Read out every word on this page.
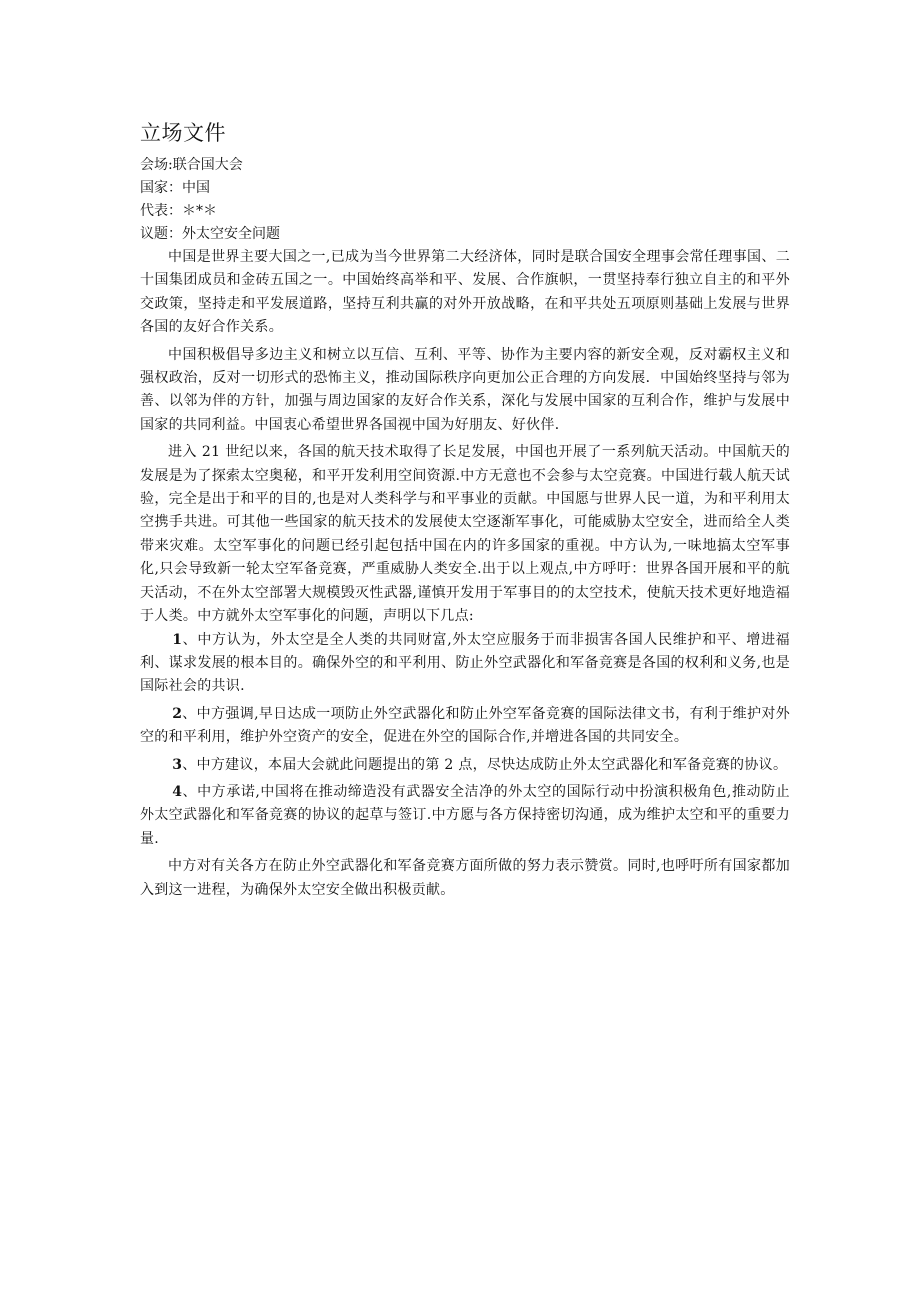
立场文件

会场:联合国大会

国家：中国

代表：＊*＊

议题：外太空安全问题

中国是世界主要大国之一,已成为当今世界第二大经济体，同时是联合国安全理事会常任理事国、二十国集团成员和金砖五国之一。中国始终高举和平、发展、合作旗帜，一贯坚持奉行独立自主的和平外交政策，坚持走和平发展道路，坚持互利共赢的对外开放战略，在和平共处五项原则基础上发展与世界各国的友好合作关系。

中国积极倡导多边主义和树立以互信、互利、平等、协作为主要内容的新安全观，反对霸权主义和强权政治，反对一切形式的恐怖主义，推动国际秩序向更加公正合理的方向发展．中国始终坚持与邻为善、以邻为伴的方针，加强与周边国家的友好合作关系，深化与发展中国家的互利合作，维护与发展中国家的共同利益。中国衷心希望世界各国视中国为好朋友、好伙伴．

进入 21 世纪以来，各国的航天技术取得了长足发展，中国也开展了一系列航天活动。中国航天的发展是为了探索太空奥秘，和平开发利用空间资源.中方无意也不会参与太空竞赛。中国进行载人航天试验，完全是出于和平的目的,也是对人类科学与和平事业的贡献。中国愿与世界人民一道，为和平利用太空携手共进。可其他一些国家的航天技术的发展使太空逐渐军事化，可能威胁太空安全，进而给全人类带来灾难。太空军事化的问题已经引起包括中国在内的许多国家的重视。中方认为,一味地搞太空军事化,只会导致新一轮太空军备竞赛，严重威胁人类安全.出于以上观点,中方呼吁：世界各国开展和平的航天活动，不在外太空部署大规模毁灭性武器,谨慎开发用于军事目的的太空技术，使航天技术更好地造福于人类。中方就外太空军事化的问题，声明以下几点:

1、中方认为，外太空是全人类的共同财富,外太空应服务于而非损害各国人民维护和平、增进福利、谋求发展的根本目的。确保外空的和平利用、防止外空武器化和军备竞赛是各国的权利和义务,也是国际社会的共识.

2、中方强调,早日达成一项防止外空武器化和防止外空军备竞赛的国际法律文书，有利于维护对外空的和平利用，维护外空资产的安全，促进在外空的国际合作,并增进各国的共同安全。

3、中方建议，本届大会就此问题提出的第 2 点，尽快达成防止外太空武器化和军备竞赛的协议。

4、中方承诺,中国将在推动缔造没有武器安全洁净的外太空的国际行动中扮演积极角色,推动防止外太空武器化和军备竞赛的协议的起草与签订.中方愿与各方保持密切沟通，成为维护太空和平的重要力量.

中方对有关各方在防止外空武器化和军备竞赛方面所做的努力表示赞赏。同时,也呼吁所有国家都加入到这一进程，为确保外太空安全做出积极贡献。
